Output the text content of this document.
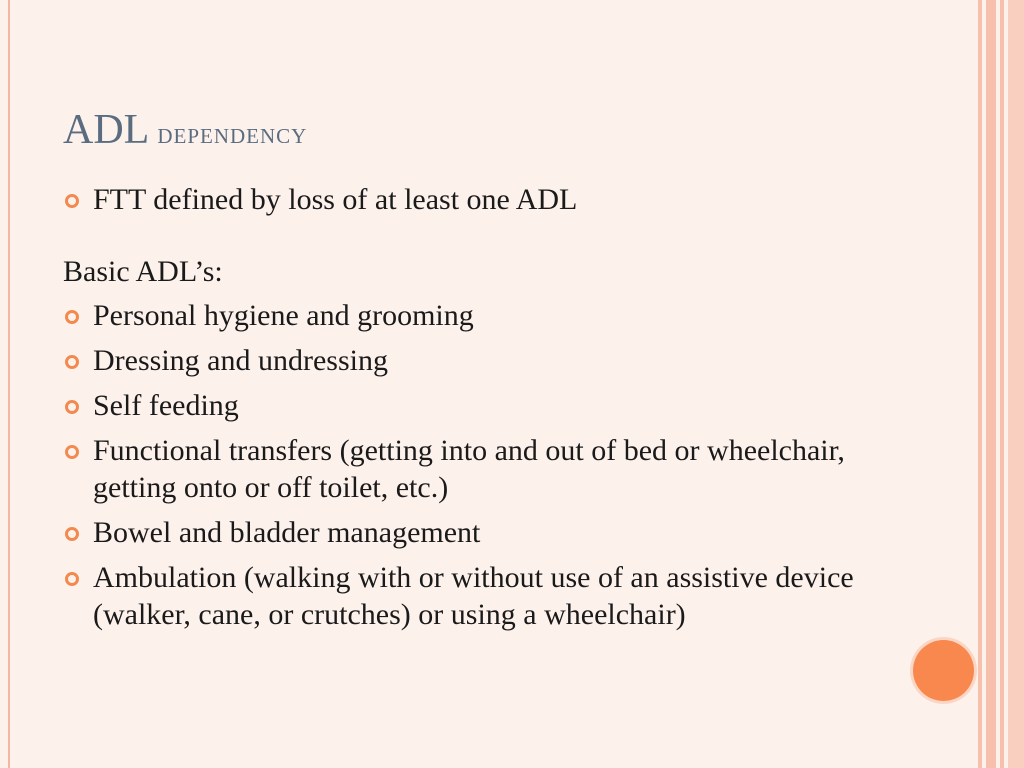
ADL dependency
FTT defined by loss of at least one ADL
Basic ADL’s:
Personal hygiene and grooming
Dressing and undressing
Self feeding
Functional transfers (getting into and out of bed or wheelchair, getting onto or off toilet, etc.)
Bowel and bladder management
Ambulation (walking with or without use of an assistive device (walker, cane, or crutches) or using a wheelchair)
